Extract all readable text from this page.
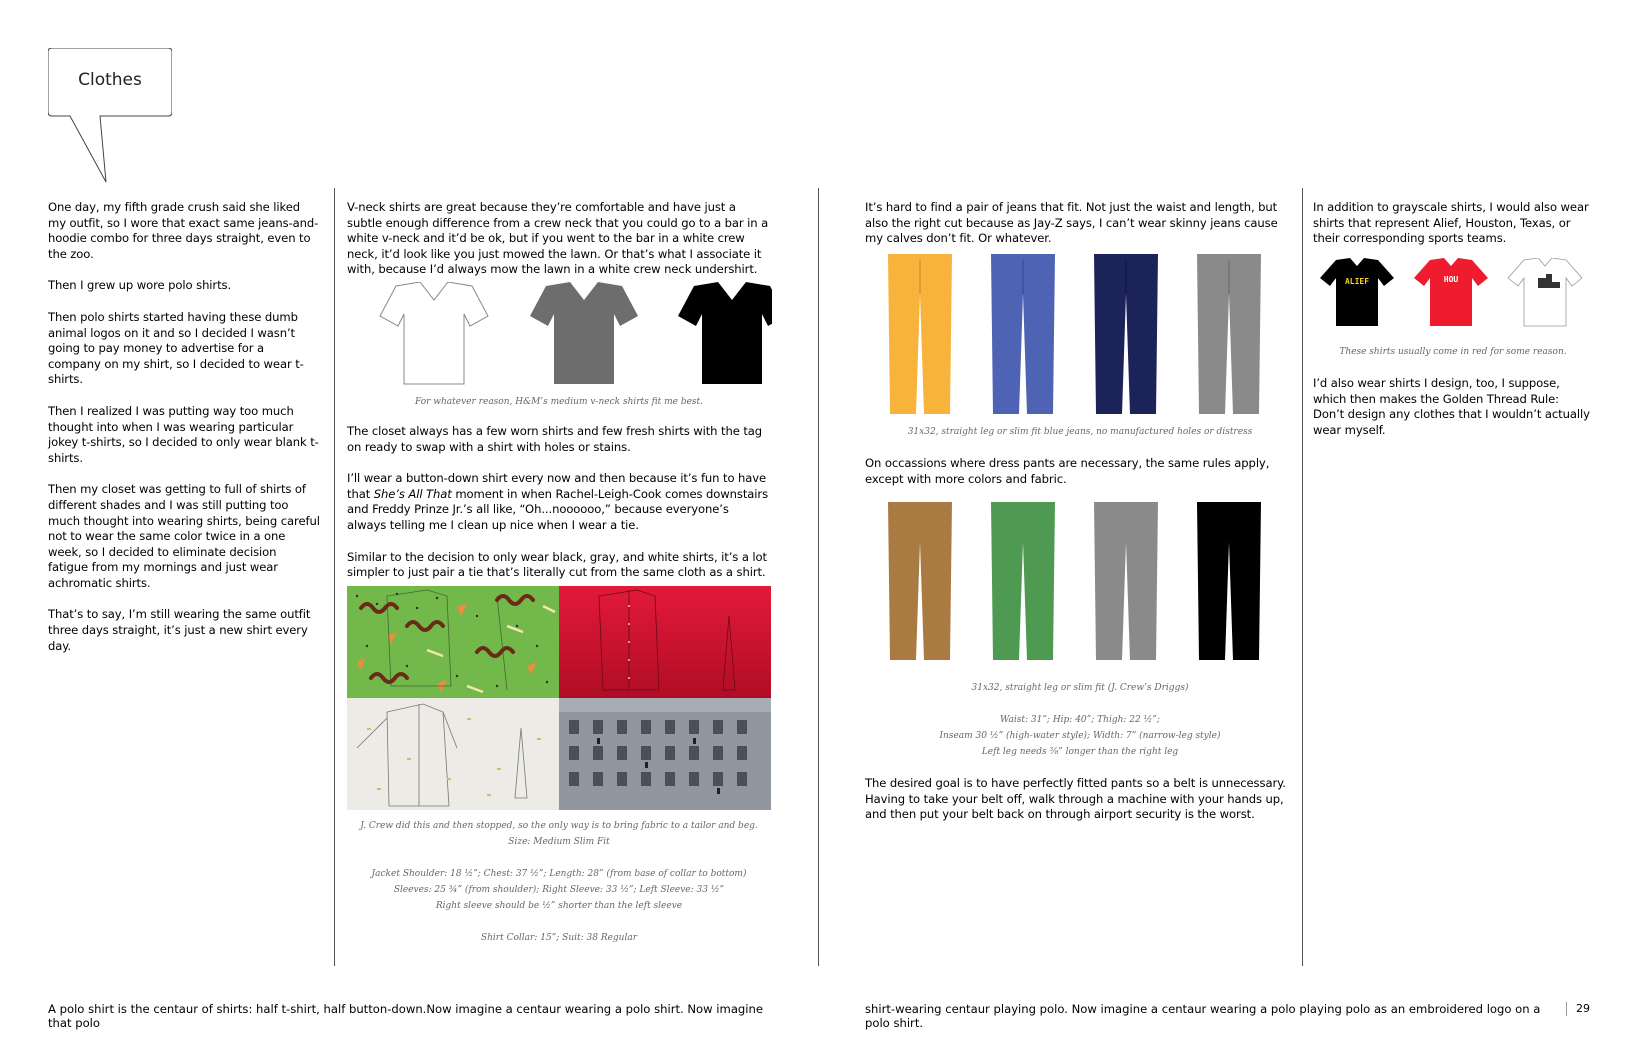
Clothes

One day, my fifth grade crush said she liked my outfit, so I wore that exact same jeans-and-hoodie combo for three days straight, even to the zoo.

Then I grew up wore polo shirts.

Then polo shirts started having these dumb animal logos on it and so I decided I wasn’t going to pay money to advertise for a company on my shirt, so I decided to wear t-shirts.

Then I realized I was putting way too much thought into when I was wearing particular jokey t-shirts, so I decided to only wear blank t-shirts.

Then my closet was getting to full of shirts of different shades and I was still putting too much thought into wearing shirts, being careful not to wear the same color twice in a one week, so I decided to eliminate decision fatigue from my mornings and just wear achromatic shirts.

That’s to say, I’m still wearing the same outfit three days straight, it’s just a new shirt every day.

V-neck shirts are great because they’re comfortable and have just a subtle enough difference from a crew neck that you could go to a bar in a white v-neck and it’d be ok, but if you went to the bar in a white crew neck, it’d look like you just mowed the lawn. Or that’s what I associate it with, because I’d always mow the lawn in a white crew neck undershirt.

For whatever reason, H&M’s medium v-neck shirts fit me best.

The closet always has a few worn shirts and few fresh shirts with the tag on ready to swap with a shirt with holes or stains.

I’ll wear a button-down shirt every now and then because it’s fun to have that She’s All That moment in when Rachel-Leigh-Cook comes downstairs and Freddy Prinze Jr.’s all like, “Oh...noooooo,” because everyone’s always telling me I clean up nice when I wear a tie.

Similar to the decision to only wear black, gray, and white shirts, it’s a lot simpler to just pair a tie that’s literally cut from the same cloth as a shirt.

J. Crew did this and then stopped, so the only way is to bring fabric to a tailor and beg.

Size: Medium Slim Fit

Jacket Shoulder: 18 ½”; Chest: 37 ½”; Length: 28” (from base of collar to bottom)

Sleeves: 25 ¾” (from shoulder); Right Sleeve: 33 ½”; Left Sleeve: 33 ½”

Right sleeve should be ½” shorter than the left sleeve

Shirt Collar: 15”; Suit: 38 Regular

It’s hard to find a pair of jeans that fit. Not just the waist and length, but also the right cut because as Jay-Z says, I can’t wear skinny jeans cause my calves don’t fit. Or whatever.

31x32, straight leg or slim fit blue jeans, no manufactured holes or distress

On occassions where dress pants are necessary, the same rules apply, except with more colors and fabric.

31x32, straight leg or slim fit (J. Crew’s Driggs)

Waist: 31”; Hip: 40”; Thigh: 22 ½”;

Inseam 30 ½” (high-water style); Width: 7” (narrow-leg style)

Left leg needs ⅜” longer than the right leg

The desired goal is to have perfectly fitted pants so a belt is unnecessary. Having to take your belt off, walk through a machine with your hands up, and then put your belt back on through airport security is the worst.

In addition to grayscale shirts, I would also wear shirts that represent Alief, Houston, Texas, or their corresponding sports teams.

ALIEF	HOU

These shirts usually come in red for some reason.

I’d also wear shirts I design, too, I suppose, which then makes the Golden Thread Rule: Don’t design any clothes that I wouldn’t actually wear myself.

A polo shirt is the centaur of shirts: half t-shirt, half button-down.Now imagine a centaur wearing a polo shirt. Now imagine that polo
shirt-wearing centaur playing polo. Now imagine a centaur wearing a polo playing polo as an embroidered logo on a polo shirt.
29
